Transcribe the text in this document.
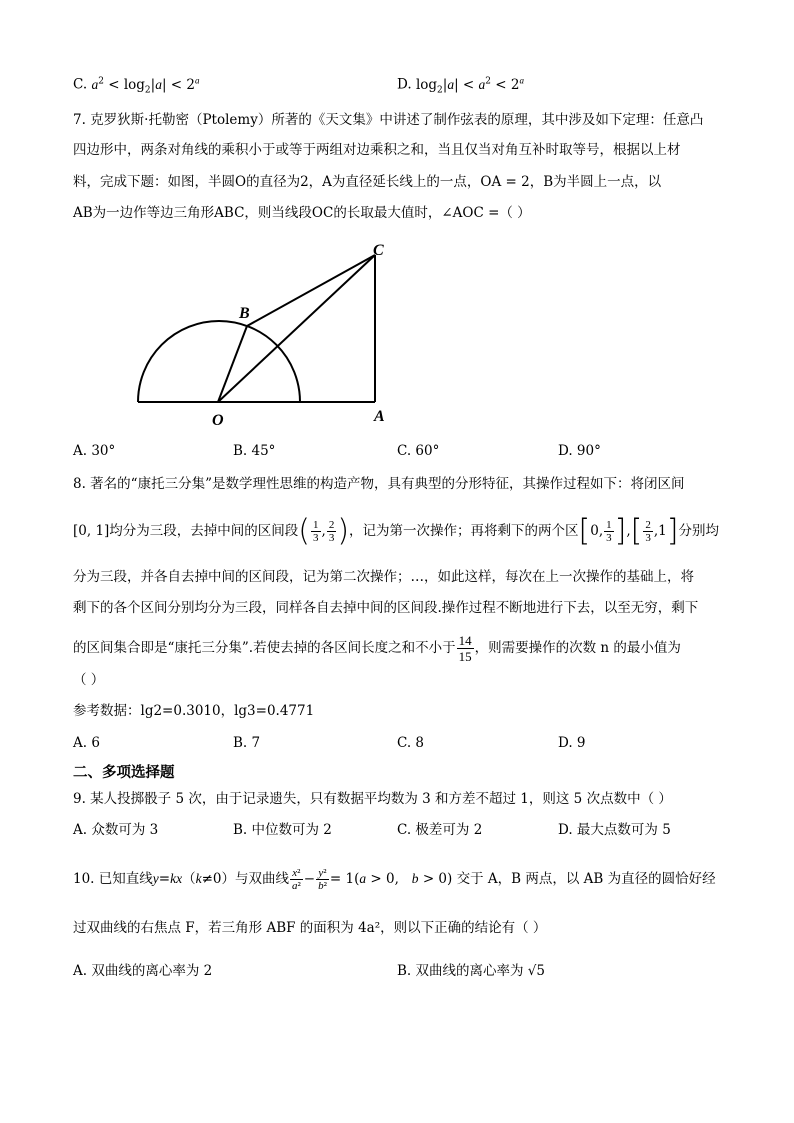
C. $a^2 < \log_2|a| < 2^a$	D. $\log_2|a| < a^2 < 2^a$
7. 克罗狄斯·托勒密（Ptolemy）所著的《天文集》中讲述了制作弦表的原理，其中涉及如下定理：任意凸
四边形中，两条对角线的乘积小于或等于两组对边乘积之和，当且仅当对角互补时取等号，根据以上材
料，完成下题：如图，半圆O的直径为2，A为直径延长线上的一点，OA = 2，B为半圆上一点，以
AB为一边作等边三角形ABC，则当线段OC的长取最大值时，∠AOC =（ ）
C
B
O	A
A. 30°	B. 45°	C. 60°	D. 90°
8. 著名的“康托三分集”是数学理性思维的构造产物，具有典型的分形特征，其操作过程如下：将闭区间
[0, 1]均分为三段，去掉中间的区间段( $\frac{1}{3}$ , $\frac{2}{3}$ )，记为第一次操作；再将剩下的两个区[0, $\frac{1}{3}$ ],[ $\frac{2}{3} ,1$]分别均
分为三段，并各自去掉中间的区间段，记为第二次操作；…，如此这样，每次在上一次操作的基础上，将
剩下的各个区间分别均分为三段，同样各自去掉中间的区间段.操作过程不断地进行下去，以至无穷，剩下
的区间集合即是“康托三分集”.若使去掉的各区间长度之和不小于 $\frac{14}{15}$ ，则需要操作的次数 n 的最小值为
（ ）
参考数据：lg2=0.3010，lg3=0.4771
A. 6	B. 7	C. 8	D. 9
二、多项选择题
9. 某人投掷骰子 5 次，由于记录遗失，只有数据平均数为 3 和方差不超过 1，则这 5 次点数中（ ）
A. 众数可为 3	B. 中位数可为 2	C. 极差可为 2	D. 最大点数可为 5
10. 已知直线y=kx（k≠0）与双曲线 $\frac{\text{x²}}{\text{a²}} - \frac{\text{y²}}{\text{b²}} = 1(a > 0$,   b > 0) 交于 A，B 两点，以 AB 为直径的圆恰好经
过双曲线的右焦点 F，若三角形 ABF 的面积为 4a²，则以下正确的结论有（ ）
A. 双曲线的离心率为 2	B. 双曲线的离心率为 √5
